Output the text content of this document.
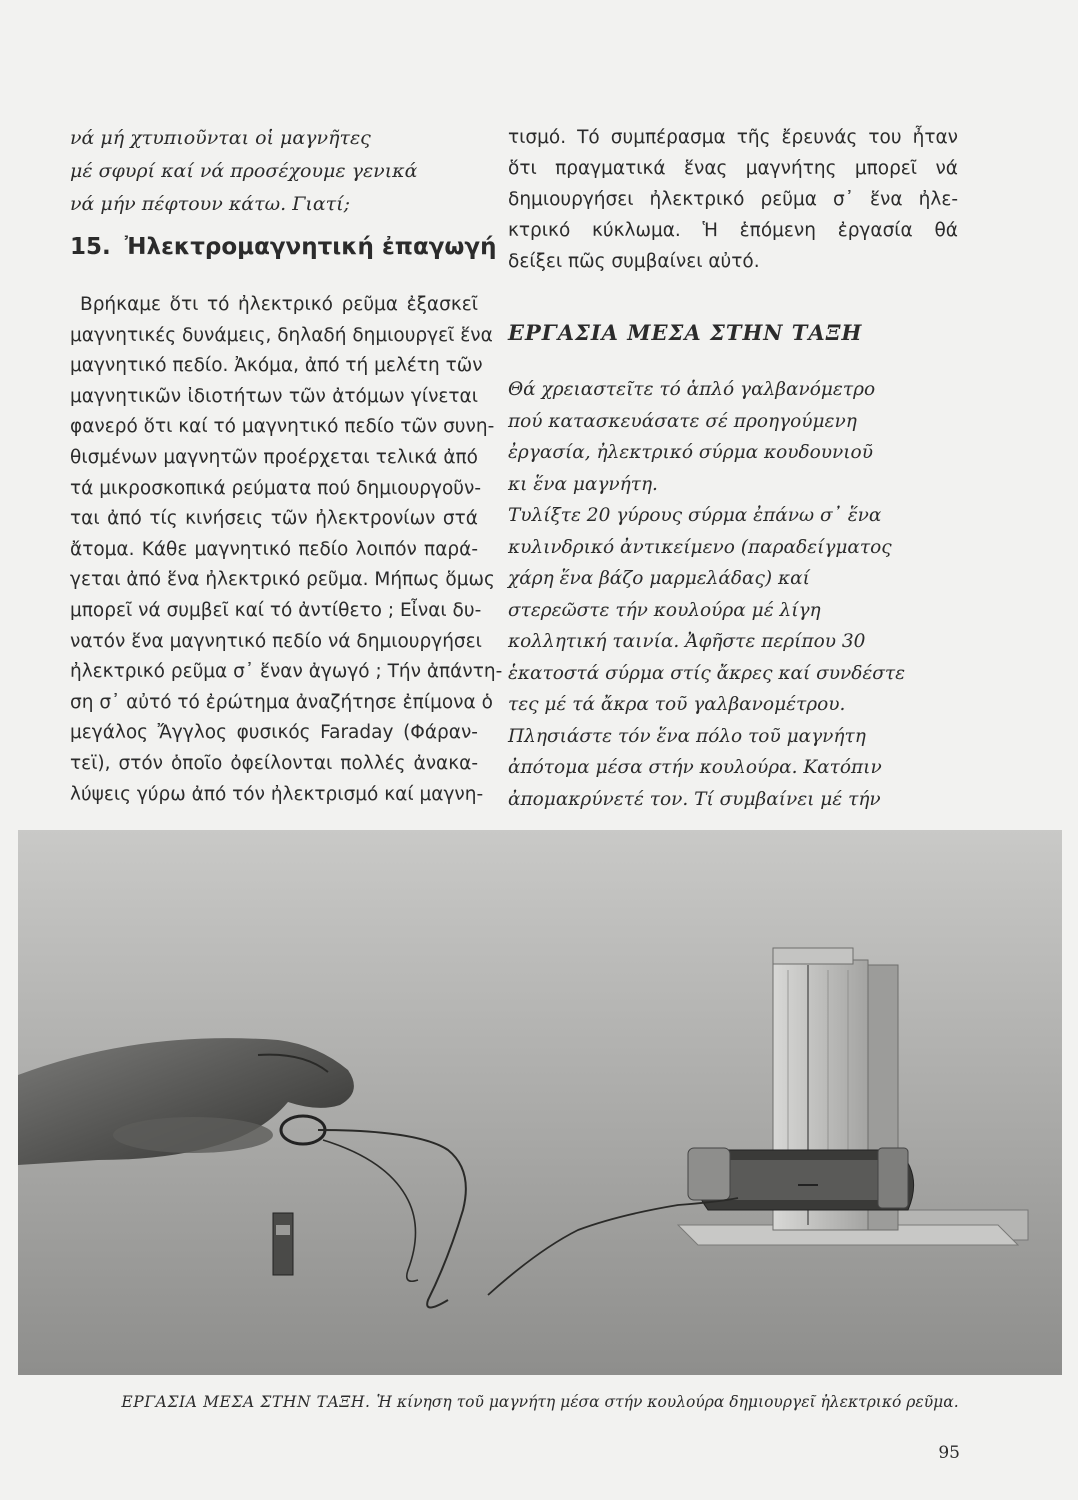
νά μή χτυπιοῦνται οἱ μαγνῆτες

μέ σφυρί καί νά προσέχουμε γενικά

νά μήν πέφτουν κάτω. Γιατί;

15. Ἠλεκτρομαγνητική ἐπαγωγή

Βρήκαμε ὅτι τό ἠλεκτρικό ρεῦμα ἐξασκεῖ

μαγνητικές δυνάμεις, δηλαδή δημιουργεῖ ἕνα

μαγνητικό πεδίο. Ἀκόμα, ἀπό τή μελέτη τῶν

μαγνητικῶν ἰδιοτήτων τῶν ἀτόμων γίνεται

φανερό ὅτι καί τό μαγνητικό πεδίο τῶν συνη-

θισμένων μαγνητῶν προέρχεται τελικά ἀπό

τά μικροσκοπικά ρεύματα πού δημιουργοῦν-

ται ἀπό τίς κινήσεις τῶν ἠλεκτρονίων στά

ἄτομα. Κάθε μαγνητικό πεδίο λοιπόν παρά-

γεται ἀπό ἕνα ἠλεκτρικό ρεῦμα. Μήπως ὅμως

μπορεῖ νά συμβεῖ καί τό ἀντίθετο ; Εἶναι δυ-

νατόν ἕνα μαγνητικό πεδίο νά δημιουργήσει

ἠλεκτρικό ρεῦμα σ᾿ ἕναν ἀγωγό ; Τήν ἀπάντη-

ση σ᾿ αὐτό τό ἐρώτημα ἀναζήτησε ἐπίμονα ὁ

μεγάλος Ἄγγλος φυσικός Faraday (Φάραν-

τεϊ), στόν ὁποῖο ὀφείλονται πολλές ἀνακα-

λύψεις γύρω ἀπό τόν ἠλεκτρισμό καί μαγνη-

τισμό. Τό συμπέρασμα τῆς ἔρευνάς του ἦταν

ὅτι πραγματικά ἕνας μαγνήτης μπορεῖ νά

δημιουργήσει ἠλεκτρικό ρεῦμα σ᾿ ἕνα ἠλε-

κτρικό κύκλωμα. Ἡ ἑπόμενη ἐργασία θά

δείξει πῶς συμβαίνει αὐτό.

ΕΡΓΑΣΙΑ ΜΕΣΑ ΣΤΗΝ ΤΑΞΗ

Θά χρειαστεῖτε τό ἁπλό γαλβανόμετρο

πού κατασκευάσατε σέ προηγούμενη

ἐργασία, ἠλεκτρικό σύρμα κουδουνιοῦ

κι ἕνα μαγνήτη.

Τυλίξτε 20 γύρους σύρμα ἐπάνω σ᾿ ἕνα

κυλινδρικό ἀντικείμενο (παραδείγματος

χάρη ἕνα βάζο μαρμελάδας) καί

στερεῶστε τήν κουλούρα μέ λίγη

κολλητική ταινία. Ἀφῆστε περίπου 30

ἑκατοστά σύρμα στίς ἄκρες καί συνδέστε

τες μέ τά ἄκρα τοῦ γαλβανομέτρου.

Πλησιάστε τόν ἕνα πόλο τοῦ μαγνήτη

ἀπότομα μέσα στήν κουλούρα. Κατόπιν

ἀπομακρύνετέ τον. Τί συμβαίνει μέ τήν

ΕΡΓΑΣΙΑ ΜΕΣΑ ΣΤΗΝ ΤΑΞΗ. Ἡ κίνηση τοῦ μαγνήτη μέσα στήν κουλούρα δημιουργεῖ ἠλεκτρικό ρεῦμα.

95
